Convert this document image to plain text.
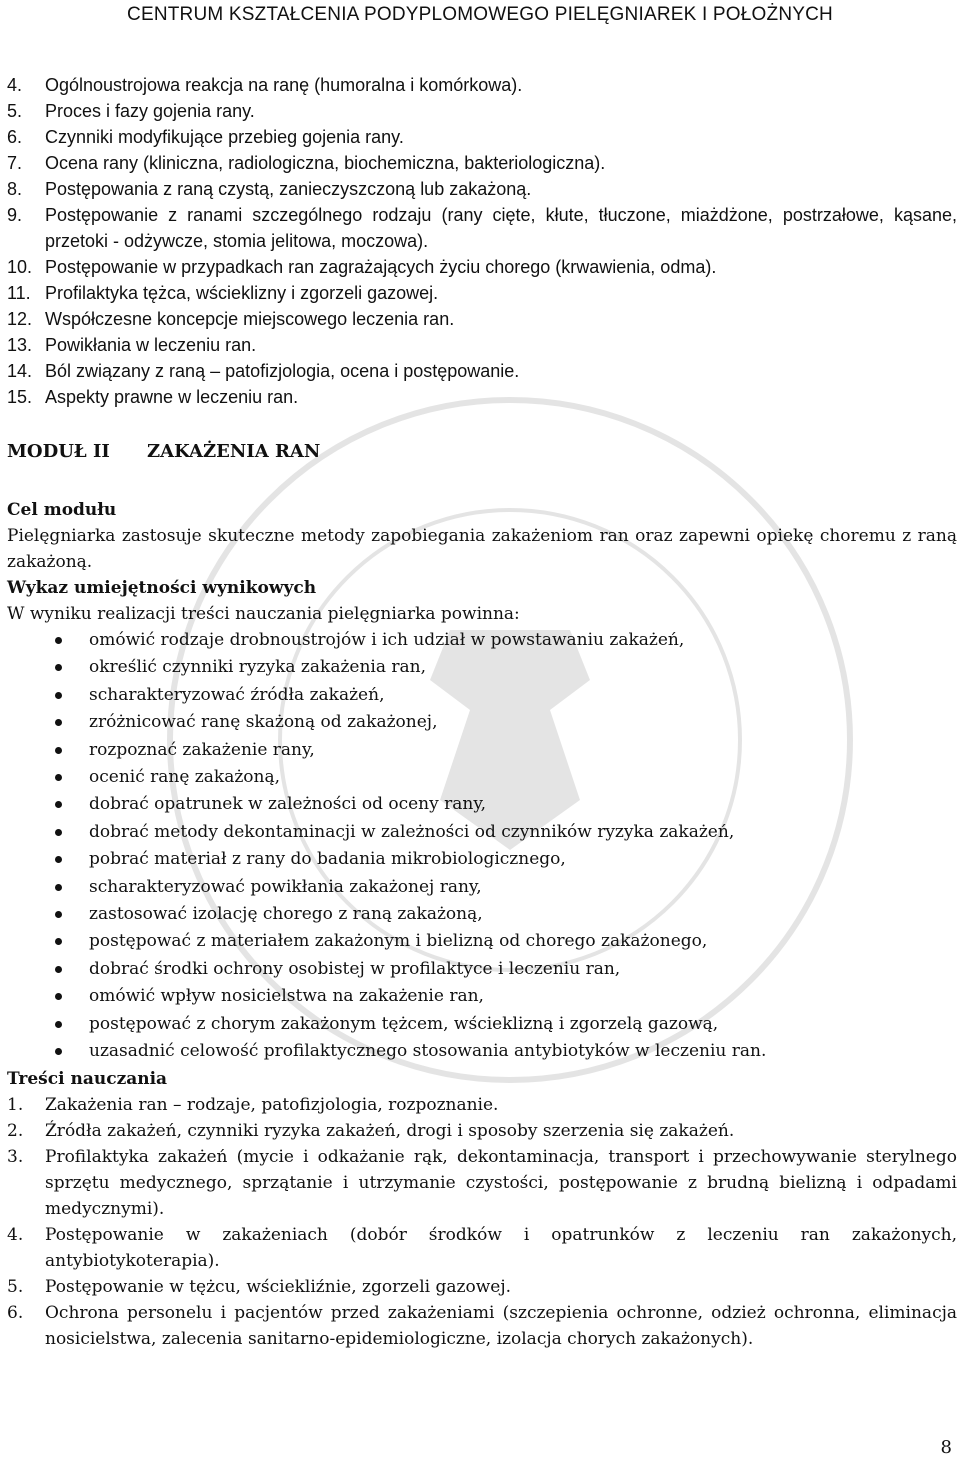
CENTRUM KSZTAŁCENIA PODYPLOMOWEGO PIELĘGNIAREK I POŁOŻNYCH
4.	Ogólnoustrojowa reakcja na ranę (humoralna i komórkowa).
5.	Proces i fazy gojenia rany.
6.	Czynniki modyfikujące przebieg gojenia rany.
7.	Ocena rany (kliniczna, radiologiczna, biochemiczna, bakteriologiczna).
8.	Postępowania z raną czystą, zanieczyszczoną lub zakażoną.
9.	Postępowanie z ranami szczególnego rodzaju (rany cięte, kłute, tłuczone, miażdżone, postrzałowe, kąsane, przetoki - odżywcze, stomia jelitowa, moczowa).
10. Postępowanie w przypadkach ran zagrażających życiu chorego (krwawienia, odma).
11. Profilaktyka tężca, wścieklizny i zgorzeli gazowej.
12. Współczesne koncepcje miejscowego leczenia ran.
13. Powikłania w leczeniu ran.
14. Ból związany z raną – patofizjologia, ocena i postępowanie.
15. Aspekty prawne w leczeniu ran.
MODUŁ II ZAKAŻENIA RAN
Cel modułu
Pielęgniarka zastosuje skuteczne metody zapobiegania zakażeniom ran oraz zapewni opiekę choremu z raną zakażoną.
Wykaz umiejętności wynikowych
W wyniku realizacji treści nauczania pielęgniarka powinna:
omówić rodzaje drobnoustrojów i ich udział w powstawaniu zakażeń,
określić czynniki ryzyka zakażenia ran,
scharakteryzować źródła zakażeń,
zróżnicować ranę skażoną od zakażonej,
rozpoznać zakażenie rany,
ocenić ranę zakażoną,
dobrać opatrunek w zależności od oceny rany,
dobrać metody dekontaminacji w zależności od czynników ryzyka zakażeń,
pobrać materiał z rany do badania mikrobiologicznego,
scharakteryzować powikłania zakażonej rany,
zastosować izolację chorego z raną zakażoną,
postępować z materiałem zakażonym i bielizną od chorego zakażonego,
dobrać środki ochrony osobistej w profilaktyce i leczeniu ran,
omówić wpływ nosicielstwa na zakażenie ran,
postępować z chorym zakażonym tężcem, wścieklizną i zgorzelą gazową,
uzasadnić celowość profilaktycznego stosowania antybiotyków w leczeniu ran.
Treści nauczania
1.	Zakażenia ran – rodzaje, patofizjologia, rozpoznanie.
2.	Źródła zakażeń, czynniki ryzyka zakażeń, drogi i sposoby szerzenia się zakażeń.
3.	Profilaktyka zakażeń (mycie i odkażanie rąk, dekontaminacja, transport i przechowywanie sterylnego sprzętu medycznego, sprzątanie i utrzymanie czystości, postępowanie z brudną bielizną i odpadami medycznymi).
4.	Postępowanie w zakażeniach (dobór środków i opatrunków z leczeniu ran zakażonych, antybiotykoterapia).
5.	Postępowanie w tężcu, wściekliźnie, zgorzeli gazowej.
6.	Ochrona personelu i pacjentów przed zakażeniami (szczepienia ochronne, odzież ochronna, eliminacja nosicielstwa, zalecenia sanitarno-epidemiologiczne, izolacja chorych zakażonych).
8
